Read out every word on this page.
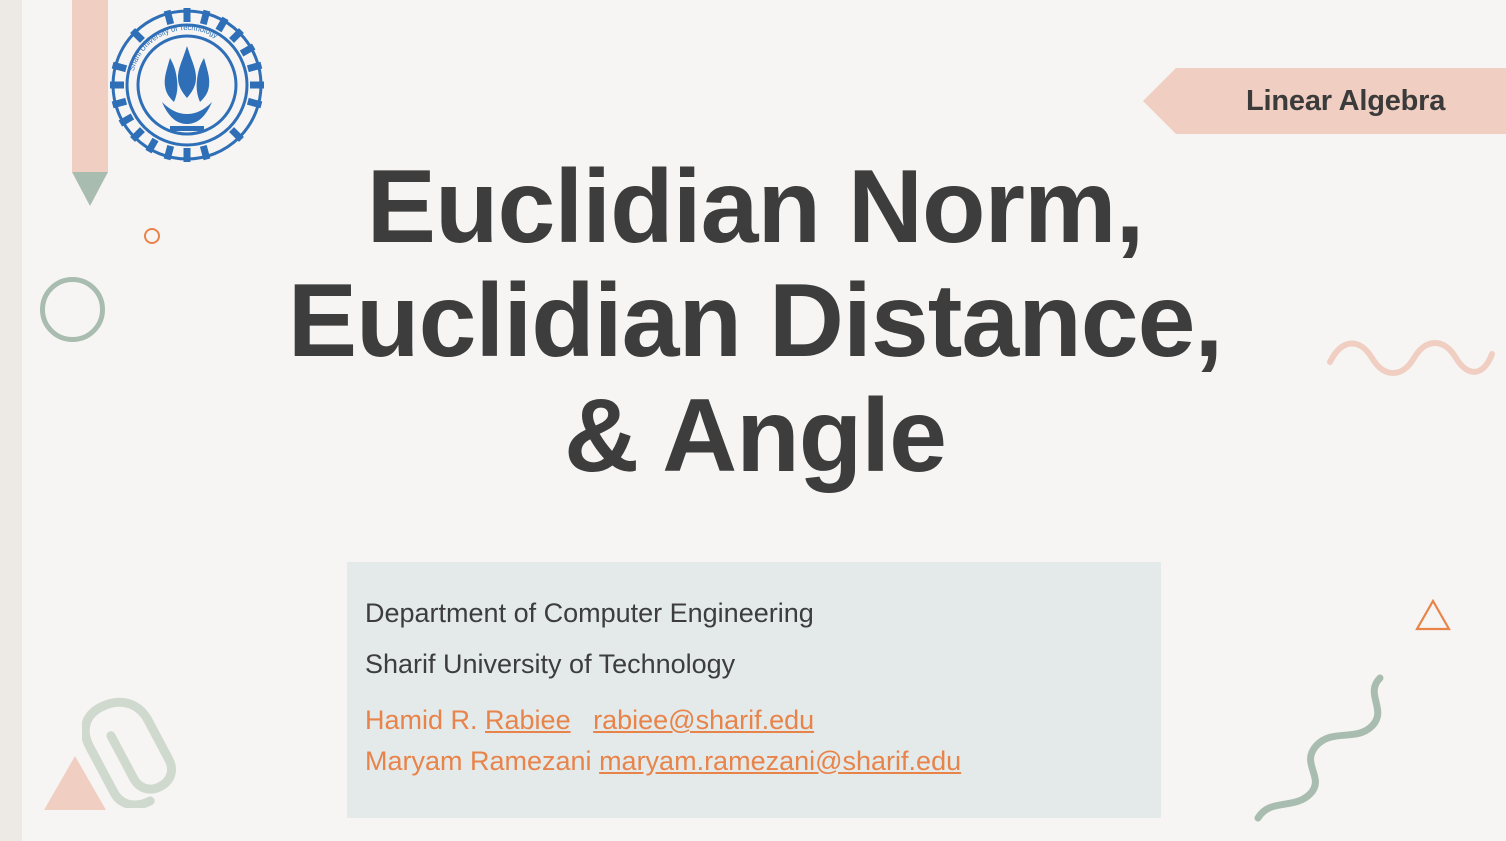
Sharif University of Technology
Linear Algebra
Euclidian Norm,
Euclidian Distance,
& Angle
Department of Computer Engineering
Sharif University of Technology
Hamid R. Rabiee rabiee@sharif.edu
Maryam Ramezani maryam.ramezani@sharif.edu
